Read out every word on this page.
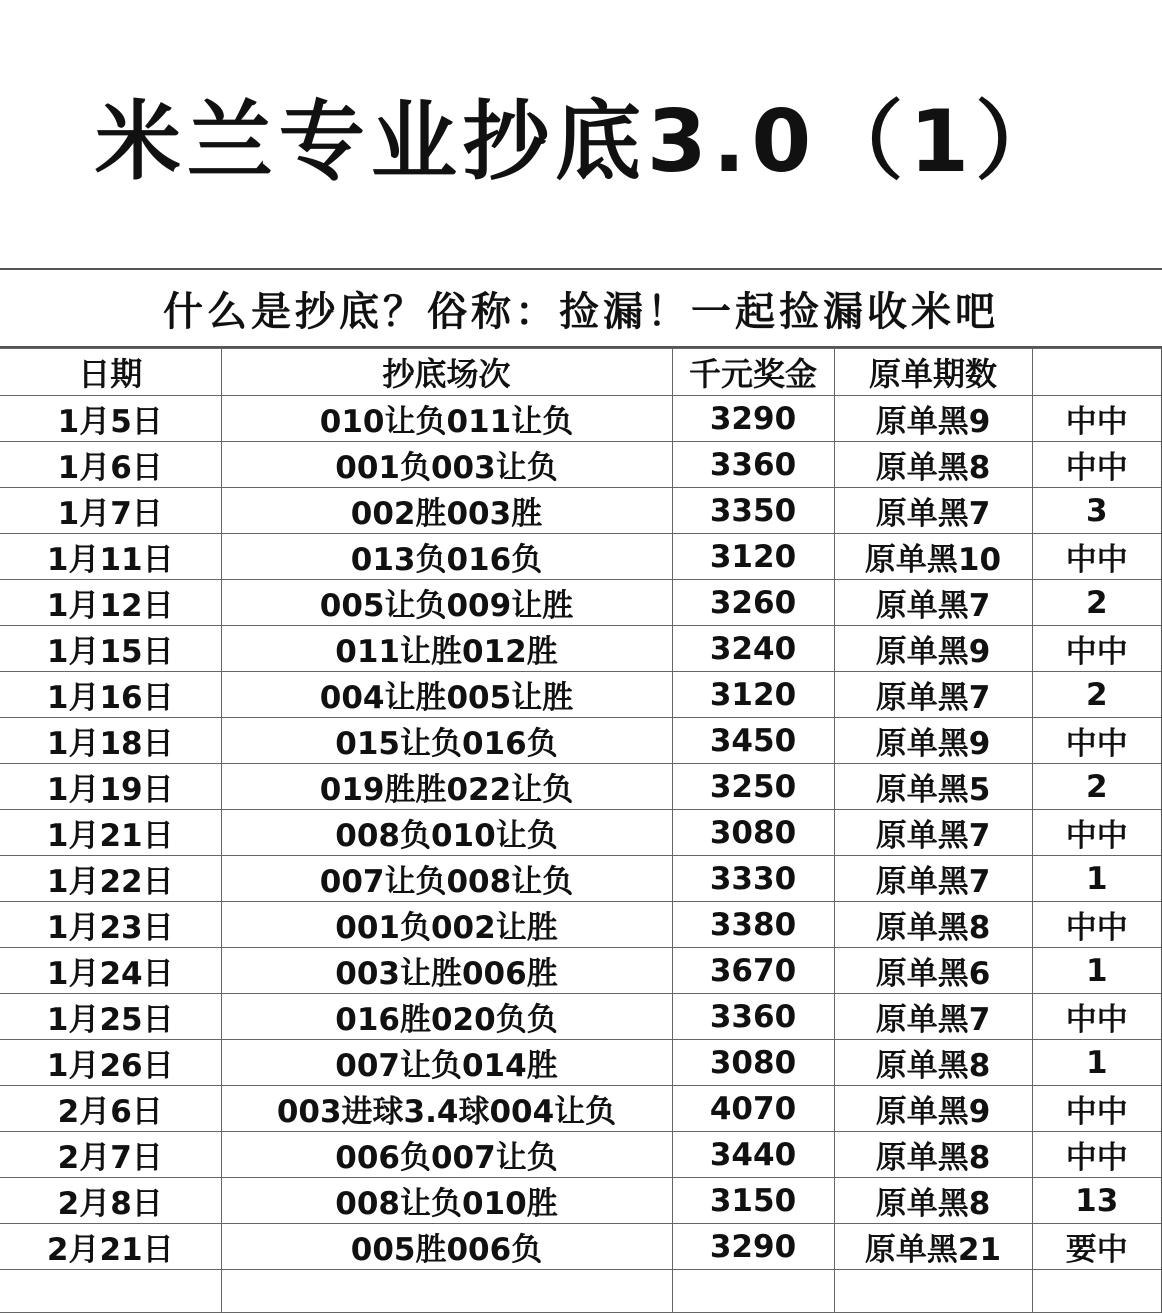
米兰专业抄底3.0（1）
什么是抄底？俗称：捡漏！一起捡漏收米吧
日期	抄底场次	千元奖金	原单期数	
1月5日	010让负011让负	3290	原单黑9	中中
1月6日	001负003让负	3360	原单黑8	中中
1月7日	002胜003胜	3350	原单黑7	3
1月11日	013负016负	3120	原单黑10	中中
1月12日	005让负009让胜	3260	原单黑7	2
1月15日	011让胜012胜	3240	原单黑9	中中
1月16日	004让胜005让胜	3120	原单黑7	2
1月18日	015让负016负	3450	原单黑9	中中
1月19日	019胜胜022让负	3250	原单黑5	2
1月21日	008负010让负	3080	原单黑7	中中
1月22日	007让负008让负	3330	原单黑7	1
1月23日	001负002让胜	3380	原单黑8	中中
1月24日	003让胜006胜	3670	原单黑6	1
1月25日	016胜020负负	3360	原单黑7	中中
1月26日	007让负014胜	3080	原单黑8	1
2月6日	003进球3.4球004让负	4070	原单黑9	中中
2月7日	006负007让负	3440	原单黑8	中中
2月8日	008让负010胜	3150	原单黑8	13
2月21日	005胜006负	3290	原单黑21	要中
